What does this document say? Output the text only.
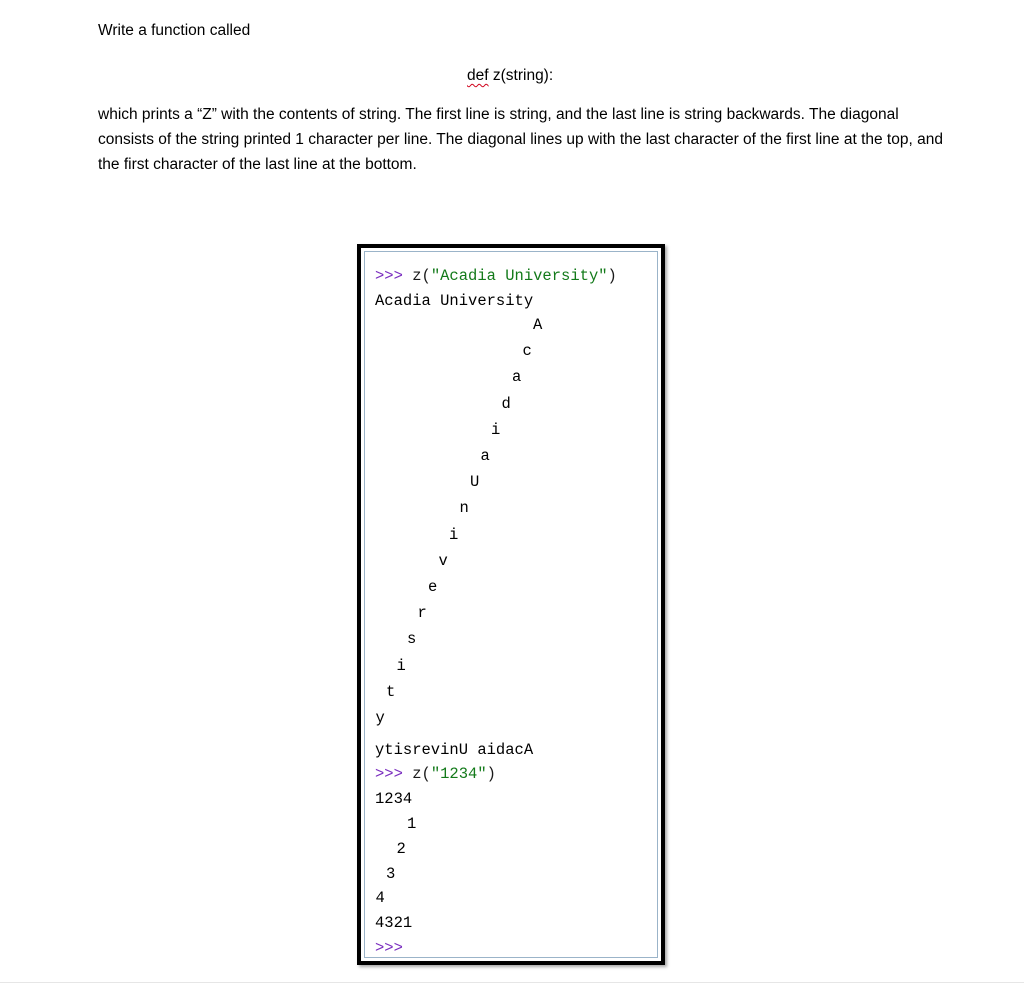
Write a function called

def z(string):

which prints a “Z” with the contents of string. The first line is string, and the last line is string backwards. The diagonal consists of the string printed 1 character per line. The diagonal lines up with the last character of the first line at the top, and the first character of the last line at the bottom.

>>> z("Acadia University")
Acadia University
A
c
a
d
i
a
U
n
i
v
e
r
s
i
t
y
ytisrevinU aidacA
>>> z("1234")
1234
1
2
3
4
4321
>>>
